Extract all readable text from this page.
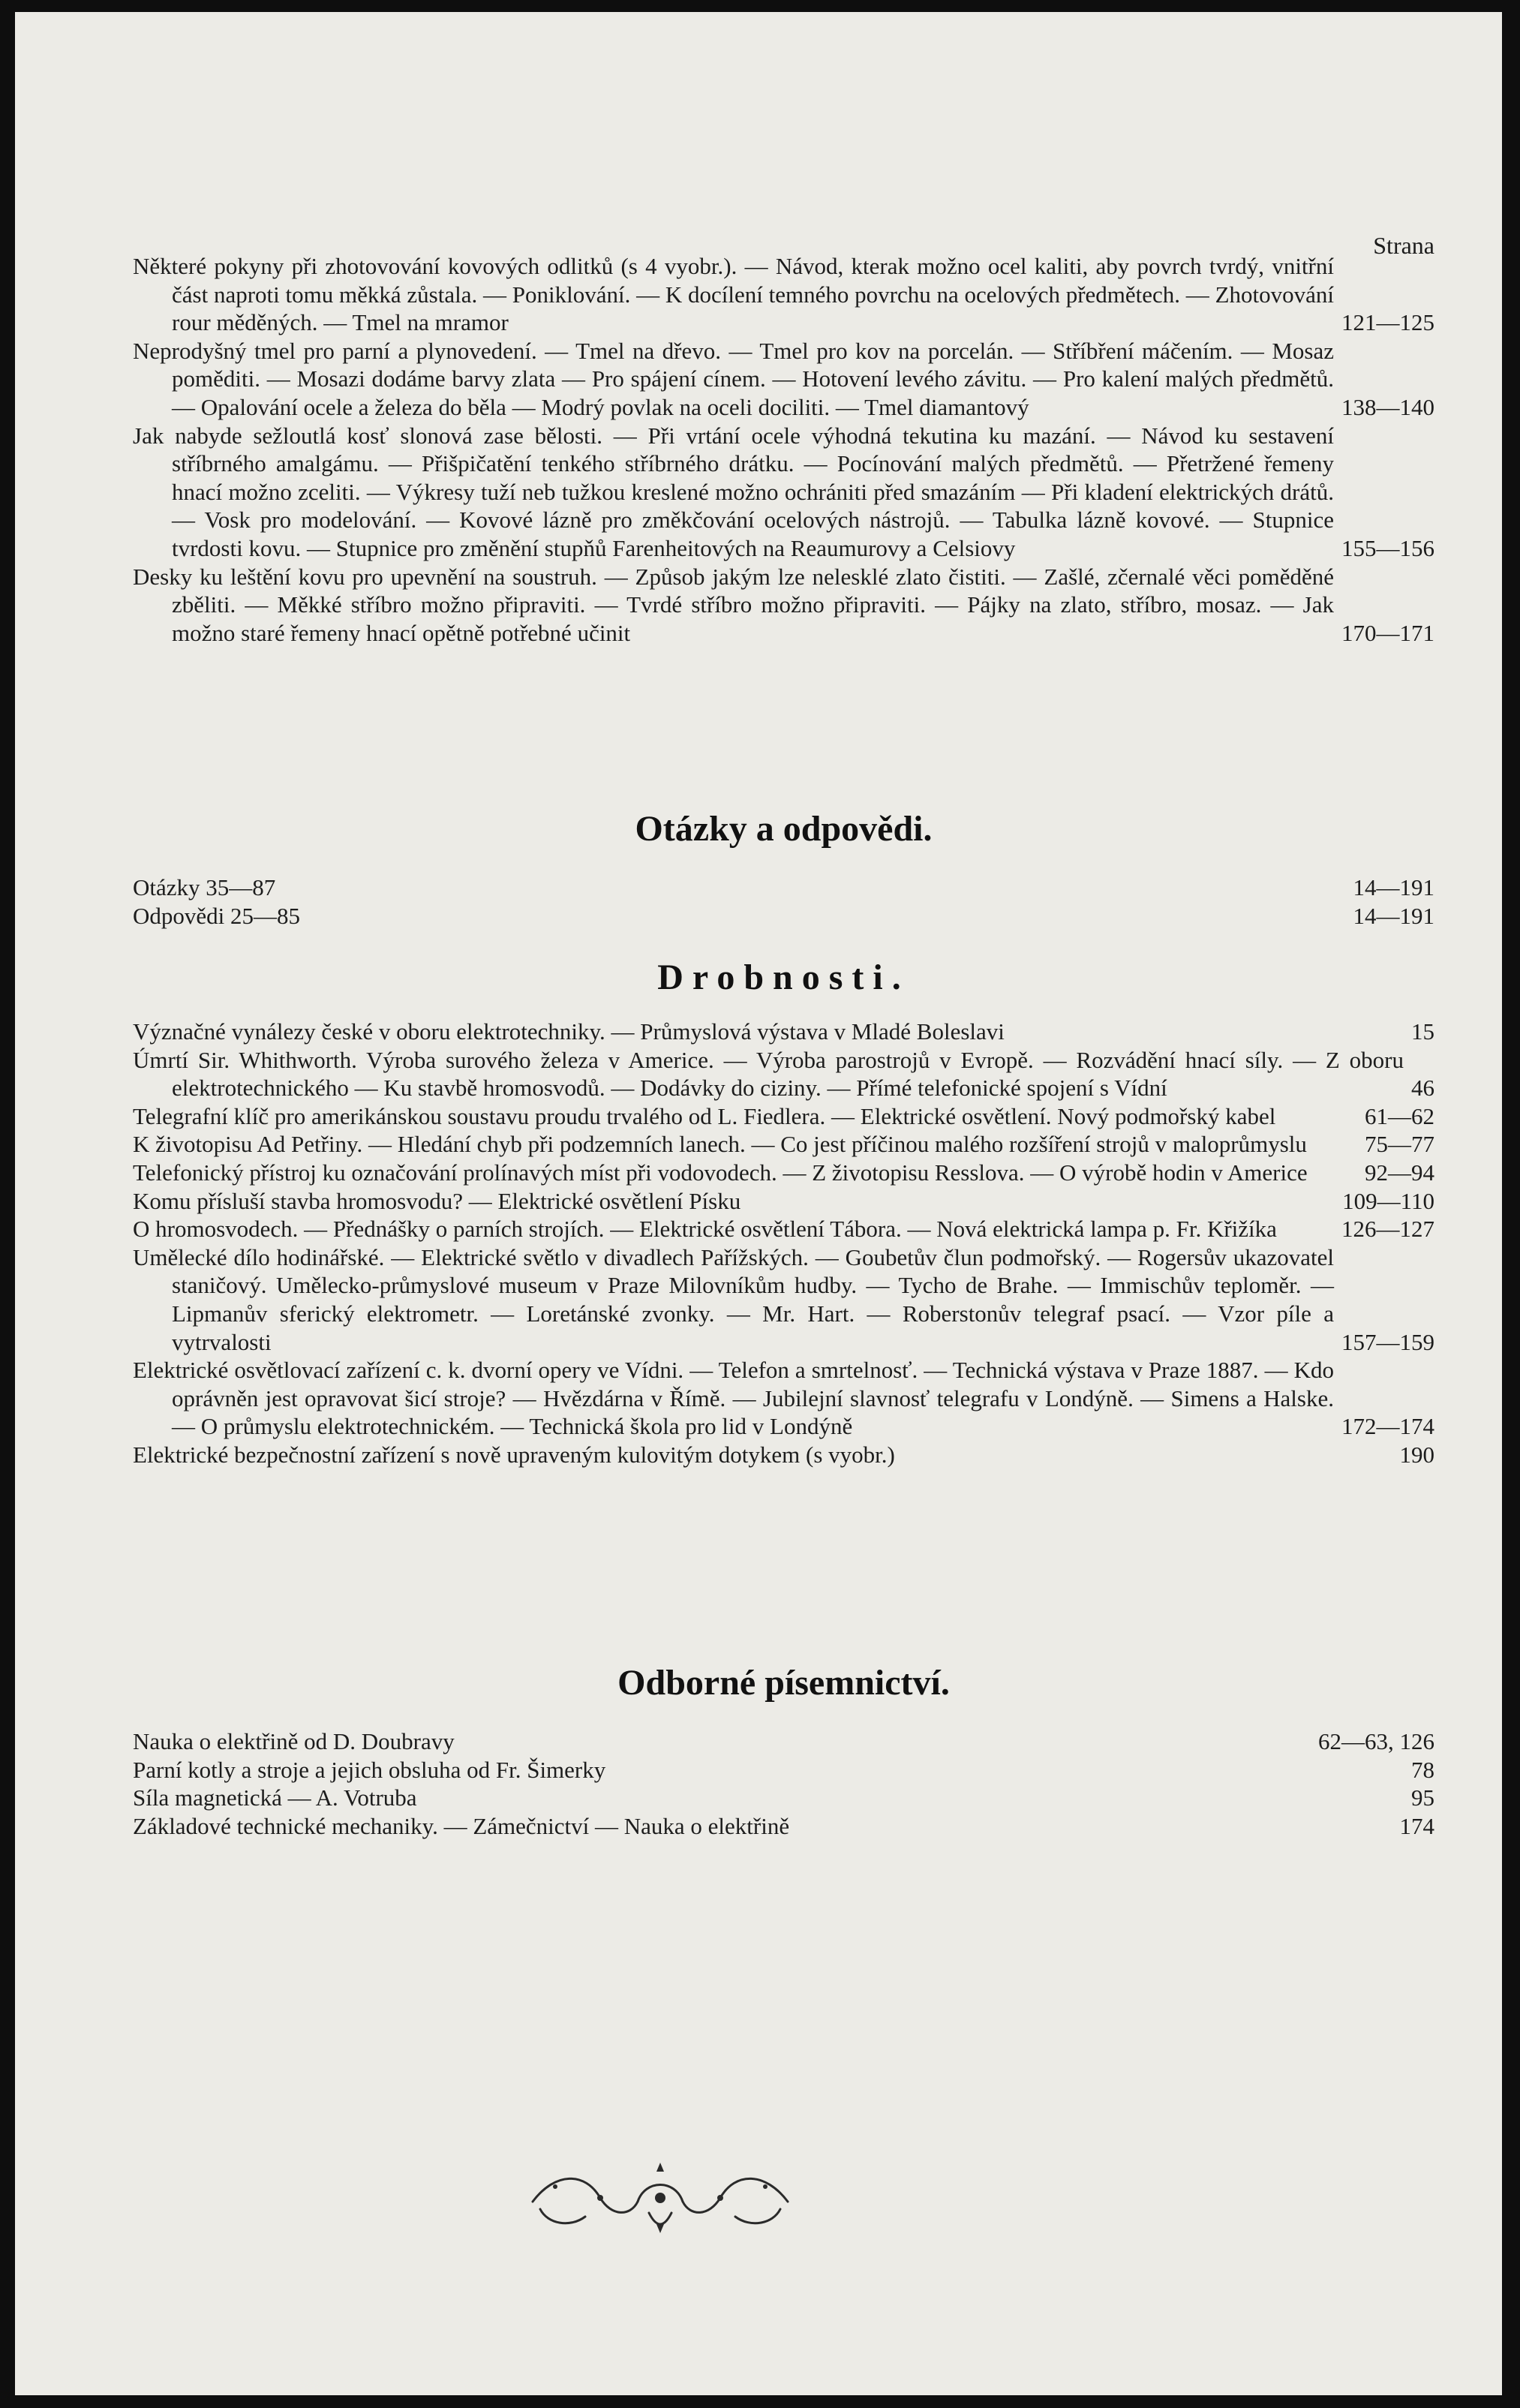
Strana
Některé pokyny při zhotovování kovových odlitků (s 4 vyobr.). — Návod, kterak možno ocel kaliti, aby povrch tvrdý, vnitřní část naproti tomu měkká zůstala. — Poniklování. — K docílení temného povrchu na ocelových předmětech. — Zhotovování rour měděných. — Tmel na mramor	121—125
Neprodyšný tmel pro parní a plynovedení. — Tmel na dřevo. — Tmel pro kov na porcelán. — Stříbření máčením. — Mosaz poměditi. — Mosazi dodáme barvy zlata — Pro spájení cínem. — Hotovení levého závitu. — Pro kalení malých předmětů. — Opalování ocele a železa do běla — Modrý povlak na oceli dociliti. — Tmel diamantový	138—140
Jak nabyde sežloutlá kosť slonová zase bělosti. — Při vrtání ocele výhodná tekutina ku mazání. — Návod ku sestavení stříbrného amalgámu. — Přišpičatění tenkého stříbrného drátku. — Pocínování malých předmětů. — Přetržené řemeny hnací možno zceliti. — Výkresy tuží neb tužkou kreslené možno ochrániti před smazáním — Při kladení elektrických drátů. — Vosk pro modelování. — Kovové lázně pro změkčování ocelových nástrojů. — Tabulka lázně kovové. — Stupnice tvrdosti kovu. — Stupnice pro změnění stupňů Farenheitových na Reaumurovy a Celsiovy	155—156
Desky ku leštění kovu pro upevnění na soustruh. — Způsob jakým lze nelesklé zlato čistiti. — Zašlé, zčernalé věci poměděné zběliti. — Měkké stříbro možno připraviti. — Tvrdé stříbro možno připraviti. — Pájky na zlato, stříbro, mosaz. — Jak možno staré řemeny hnací opětně potřebné učinit	170—171
Otázky a odpovědi.
Otázky 35—87	14—191
Odpovědi 25—85	14—191
Drobnosti.
Význačné vynálezy české v oboru elektrotechniky. — Průmyslová výstava v Mladé Boleslavi	15
Úmrtí Sir. Whithworth. Výroba surového železa v Americe. — Výroba parostrojů v Evropě. — Rozvádění hnací síly. — Z oboru elektrotechnického — Ku stavbě hromosvodů. — Dodávky do ciziny. — Přímé telefonické spojení s Vídní	46
Telegrafní klíč pro amerikánskou soustavu proudu trvalého od L. Fiedlera. — Elektrické osvětlení. Nový podmořský kabel	61—62
K životopisu Ad Petřiny. — Hledání chyb při podzemních lanech. — Co jest příčinou malého rozšíření strojů v maloprůmyslu	75—77
Telefonický přístroj ku označování prolínavých míst při vodovodech. — Z životopisu Resslova. — O výrobě hodin v Americe	92—94
Komu přísluší stavba hromosvodu? — Elektrické osvětlení Písku	109—110
O hromosvodech. — Přednášky o parních strojích. — Elektrické osvětlení Tábora. — Nová elektrická lampa p. Fr. Křižíka	126—127
Umělecké dílo hodinářské. — Elektrické světlo v divadlech Pařížských. — Goubetův člun podmořský. — Rogersův ukazovatel staničový. Umělecko-průmyslové museum v Praze Milovníkům hudby. — Tycho de Brahe. — Immischův teploměr. — Lipmanův sferický elektrometr. — Loretánské zvonky. — Mr. Hart. — Roberstonův telegraf psací. — Vzor píle a vytrvalosti	157—159
Elektrické osvětlovací zařízení c. k. dvorní opery ve Vídni. — Telefon a smrtelnosť. — Technická výstava v Praze 1887. — Kdo oprávněn jest opravovat šicí stroje? — Hvězdárna v Římě. — Jubilejní slavnosť telegrafu v Londýně. — Simens a Halske. — O průmyslu elektrotechnickém. — Technická škola pro lid v Londýně	172—174
Elektrické bezpečnostní zařízení s nově upraveným kulovitým dotykem (s vyobr.)	190
Odborné písemnictví.
Nauka o elektřině od D. Doubravy	62—63, 126
Parní kotly a stroje a jejich obsluha od Fr. Šimerky	78
Síla magnetická — A. Votruba	95
Základové technické mechaniky. — Zámečnictví — Nauka o elektřině	174
